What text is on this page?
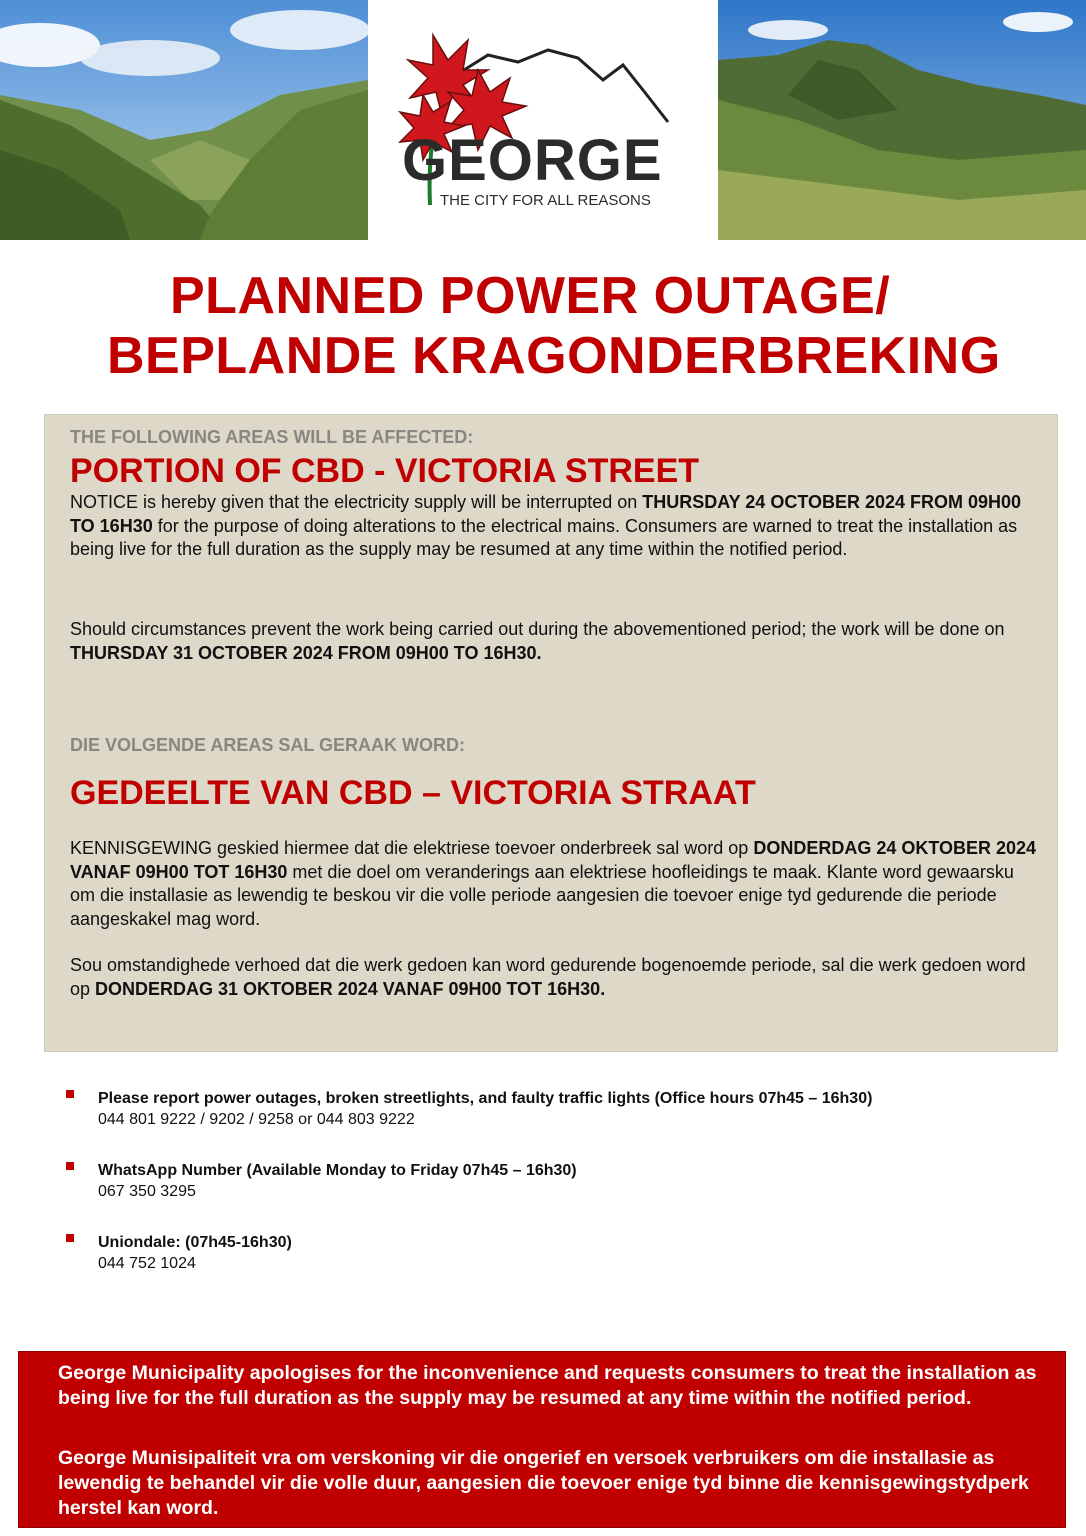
GEORGE
THE CITY FOR ALL REASONS
PLANNED POWER OUTAGE/
BEPLANDE KRAGONDERBREKING
THE FOLLOWING AREAS WILL BE AFFECTED:
PORTION OF CBD - VICTORIA STREET
NOTICE is hereby given that the electricity supply will be interrupted on THURSDAY 24 OCTOBER 2024 FROM 09H00 TO 16H30 for the purpose of doing alterations to the electrical mains. Consumers are warned to treat the installation as being live for the full duration as the supply may be resumed at any time within the notified period.
Should circumstances prevent the work being carried out during the abovementioned period; the work will be done on THURSDAY 31 OCTOBER 2024 FROM 09H00 TO 16H30.
DIE VOLGENDE AREAS SAL GERAAK WORD:
GEDEELTE VAN CBD – VICTORIA STRAAT
KENNISGEWING geskied hiermee dat die elektriese toevoer onderbreek sal word op DONDERDAG 24 OKTOBER 2024 VANAF 09H00 TOT 16H30 met die doel om veranderings aan elektriese hoofleidings te maak. Klante word gewaarsku om die installasie as lewendig te beskou vir die volle periode aangesien die toevoer enige tyd gedurende die periode aangeskakel mag word.
Sou omstandighede verhoed dat die werk gedoen kan word gedurende bogenoemde periode, sal die werk gedoen word op DONDERDAG 31 OKTOBER 2024 VANAF 09H00 TOT 16H30.
Please report power outages, broken streetlights, and faulty traffic lights (Office hours 07h45 – 16h30)
044 801 9222 / 9202 / 9258 or 044 803 9222
WhatsApp Number (Available Monday to Friday 07h45 – 16h30)
067 350 3295
Uniondale: (07h45-16h30)
044 752 1024
George Municipality apologises for the inconvenience and requests consumers to treat the installation as being live for the full duration as the supply may be resumed at any time within the notified period.
George Munisipaliteit vra om verskoning vir die ongerief en versoek verbruikers om die installasie as lewendig te behandel vir die volle duur, aangesien die toevoer enige tyd binne die kennisgewingstydperk herstel kan word.
